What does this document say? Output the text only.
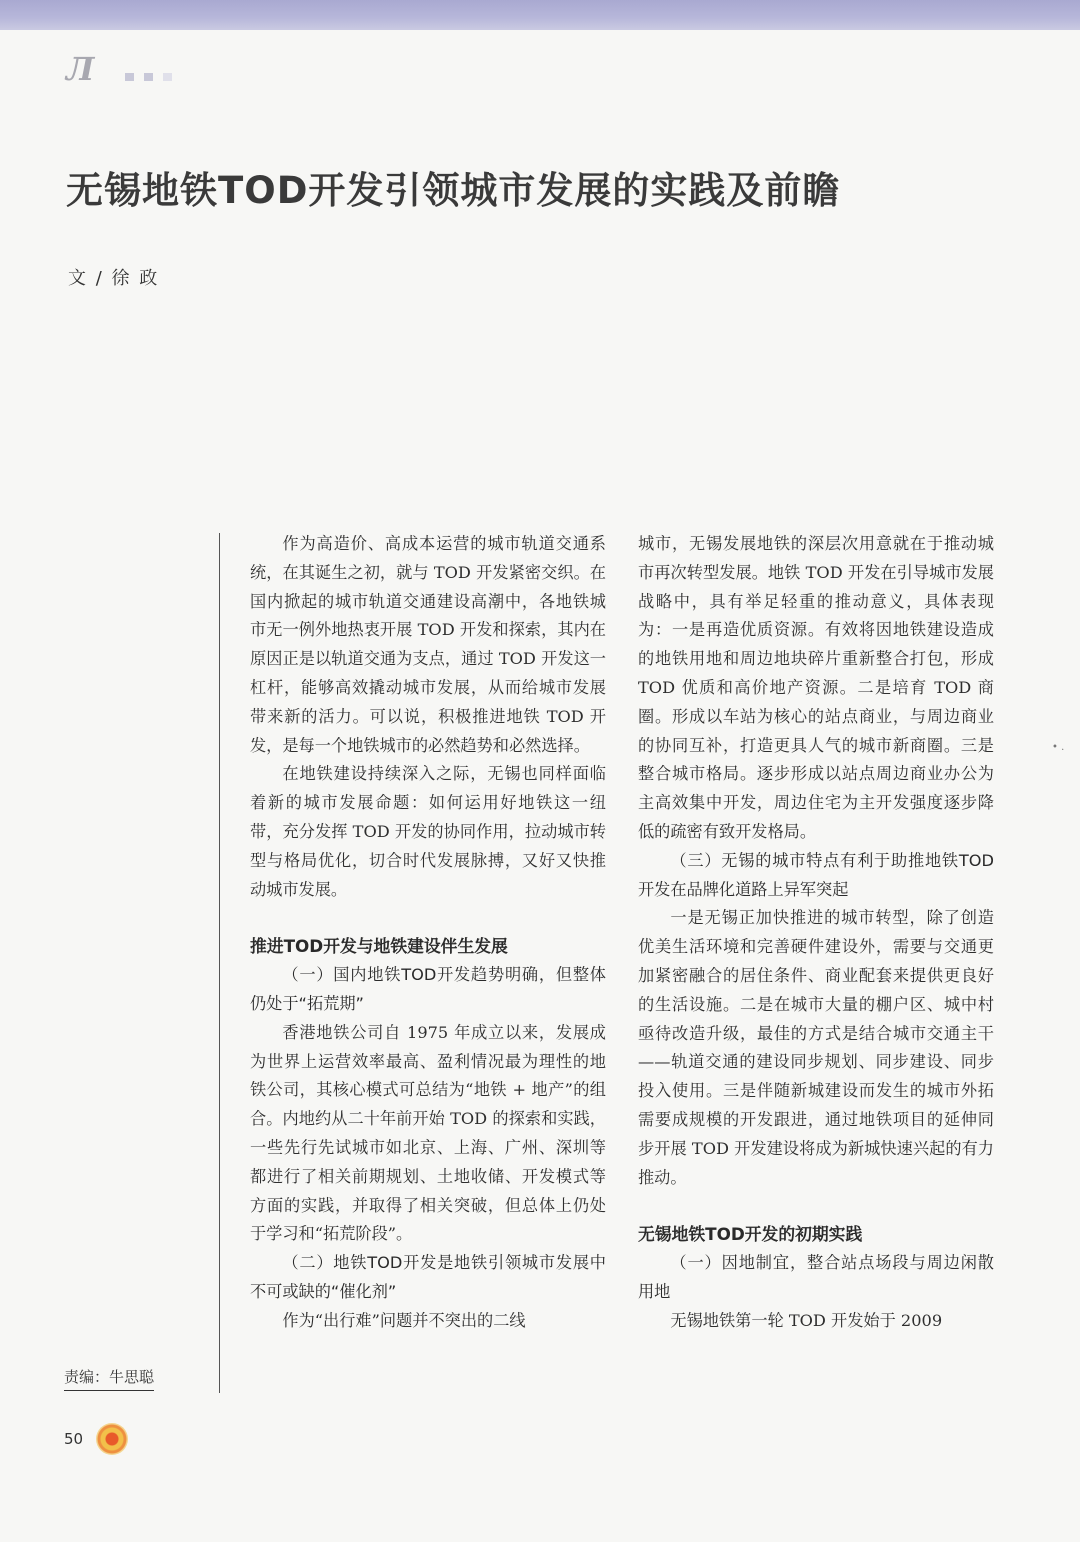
Л
无锡地铁TOD开发引领城市发展的实践及前瞻
文 / 徐 政

作为高造价、高成本运营的城市轨道交通系统，在其诞生之初，就与 TOD 开发紧密交织。在国内掀起的城市轨道交通建设高潮中，各地铁城市无一例外地热衷开展 TOD 开发和探索，其内在原因正是以轨道交通为支点，通过 TOD 开发这一杠杆，能够高效撬动城市发展，从而给城市发展带来新的活力。可以说，积极推进地铁 TOD 开发，是每一个地铁城市的必然趋势和必然选择。

在地铁建设持续深入之际，无锡也同样面临着新的城市发展命题：如何运用好地铁这一纽带，充分发挥 TOD 开发的协同作用，拉动城市转型与格局优化，切合时代发展脉搏，又好又快推动城市发展。

推进TOD开发与地铁建设伴生发展
（一）国内地铁TOD开发趋势明确，但整体仍处于“拓荒期”

香港地铁公司自 1975 年成立以来，发展成为世界上运营效率最高、盈利情况最为理性的地铁公司，其核心模式可总结为“地铁 + 地产”的组合。内地约从二十年前开始 TOD 的探索和实践，一些先行先试城市如北京、上海、广州、深圳等都进行了相关前期规划、土地收储、开发模式等方面的实践，并取得了相关突破，但总体上仍处于学习和“拓荒阶段”。

（二）地铁TOD开发是地铁引领城市发展中不可或缺的“催化剂”

作为“出行难”问题并不突出的二线

城市，无锡发展地铁的深层次用意就在于推动城市再次转型发展。地铁 TOD 开发在引导城市发展战略中，具有举足轻重的推动意义，具体表现为：一是再造优质资源。有效将因地铁建设造成的地铁用地和周边地块碎片重新整合打包，形成 TOD 优质和高价地产资源。二是培育 TOD 商圈。形成以车站为核心的站点商业，与周边商业的协同互补，打造更具人气的城市新商圈。三是整合城市格局。逐步形成以站点周边商业办公为主高效集中开发，周边住宅为主开发强度逐步降低的疏密有致开发格局。

（三）无锡的城市特点有利于助推地铁TOD开发在品牌化道路上异军突起

一是无锡正加快推进的城市转型，除了创造优美生活环境和完善硬件建设外，需要与交通更加紧密融合的居住条件、商业配套来提供更良好的生活设施。二是在城市大量的棚户区、城中村亟待改造升级，最佳的方式是结合城市交通主干——轨道交通的建设同步规划、同步建设、同步投入使用。三是伴随新城建设而发生的城市外拓需要成规模的开发跟进，通过地铁项目的延伸同步开展 TOD 开发建设将成为新城快速兴起的有力推动。

无锡地铁TOD开发的初期实践
（一）因地制宜，整合站点场段与周边闲散用地

无锡地铁第一轮 TOD 开发始于 2009

• .
责编：牛思聪
50
